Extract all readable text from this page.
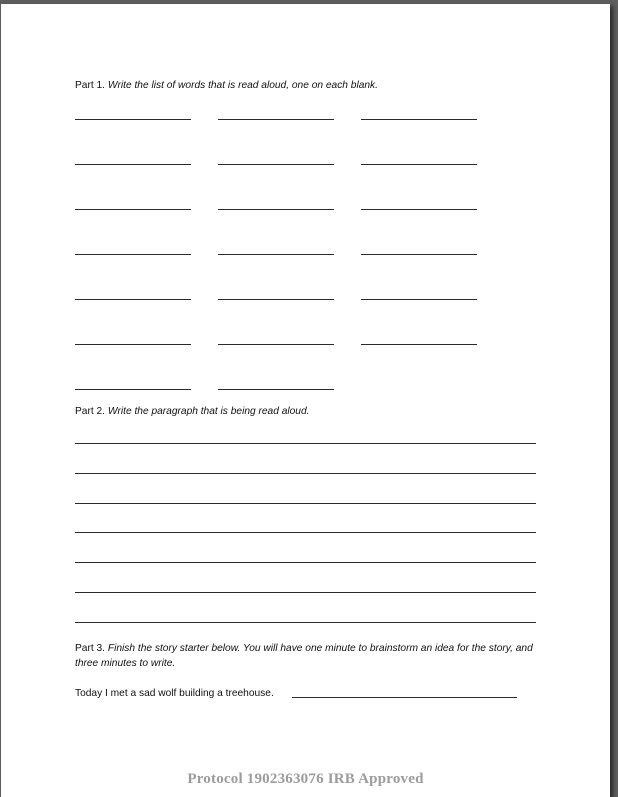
Part 1. Write the list of words that is read aloud, one on each blank.

Part 2. Write the paragraph that is being read aloud.

Part 3. Finish the story starter below. You will have one minute to brainstorm an idea for the story, and three minutes to write.

Today I met a sad wolf building a treehouse.

Protocol 1902363076 IRB Approved
